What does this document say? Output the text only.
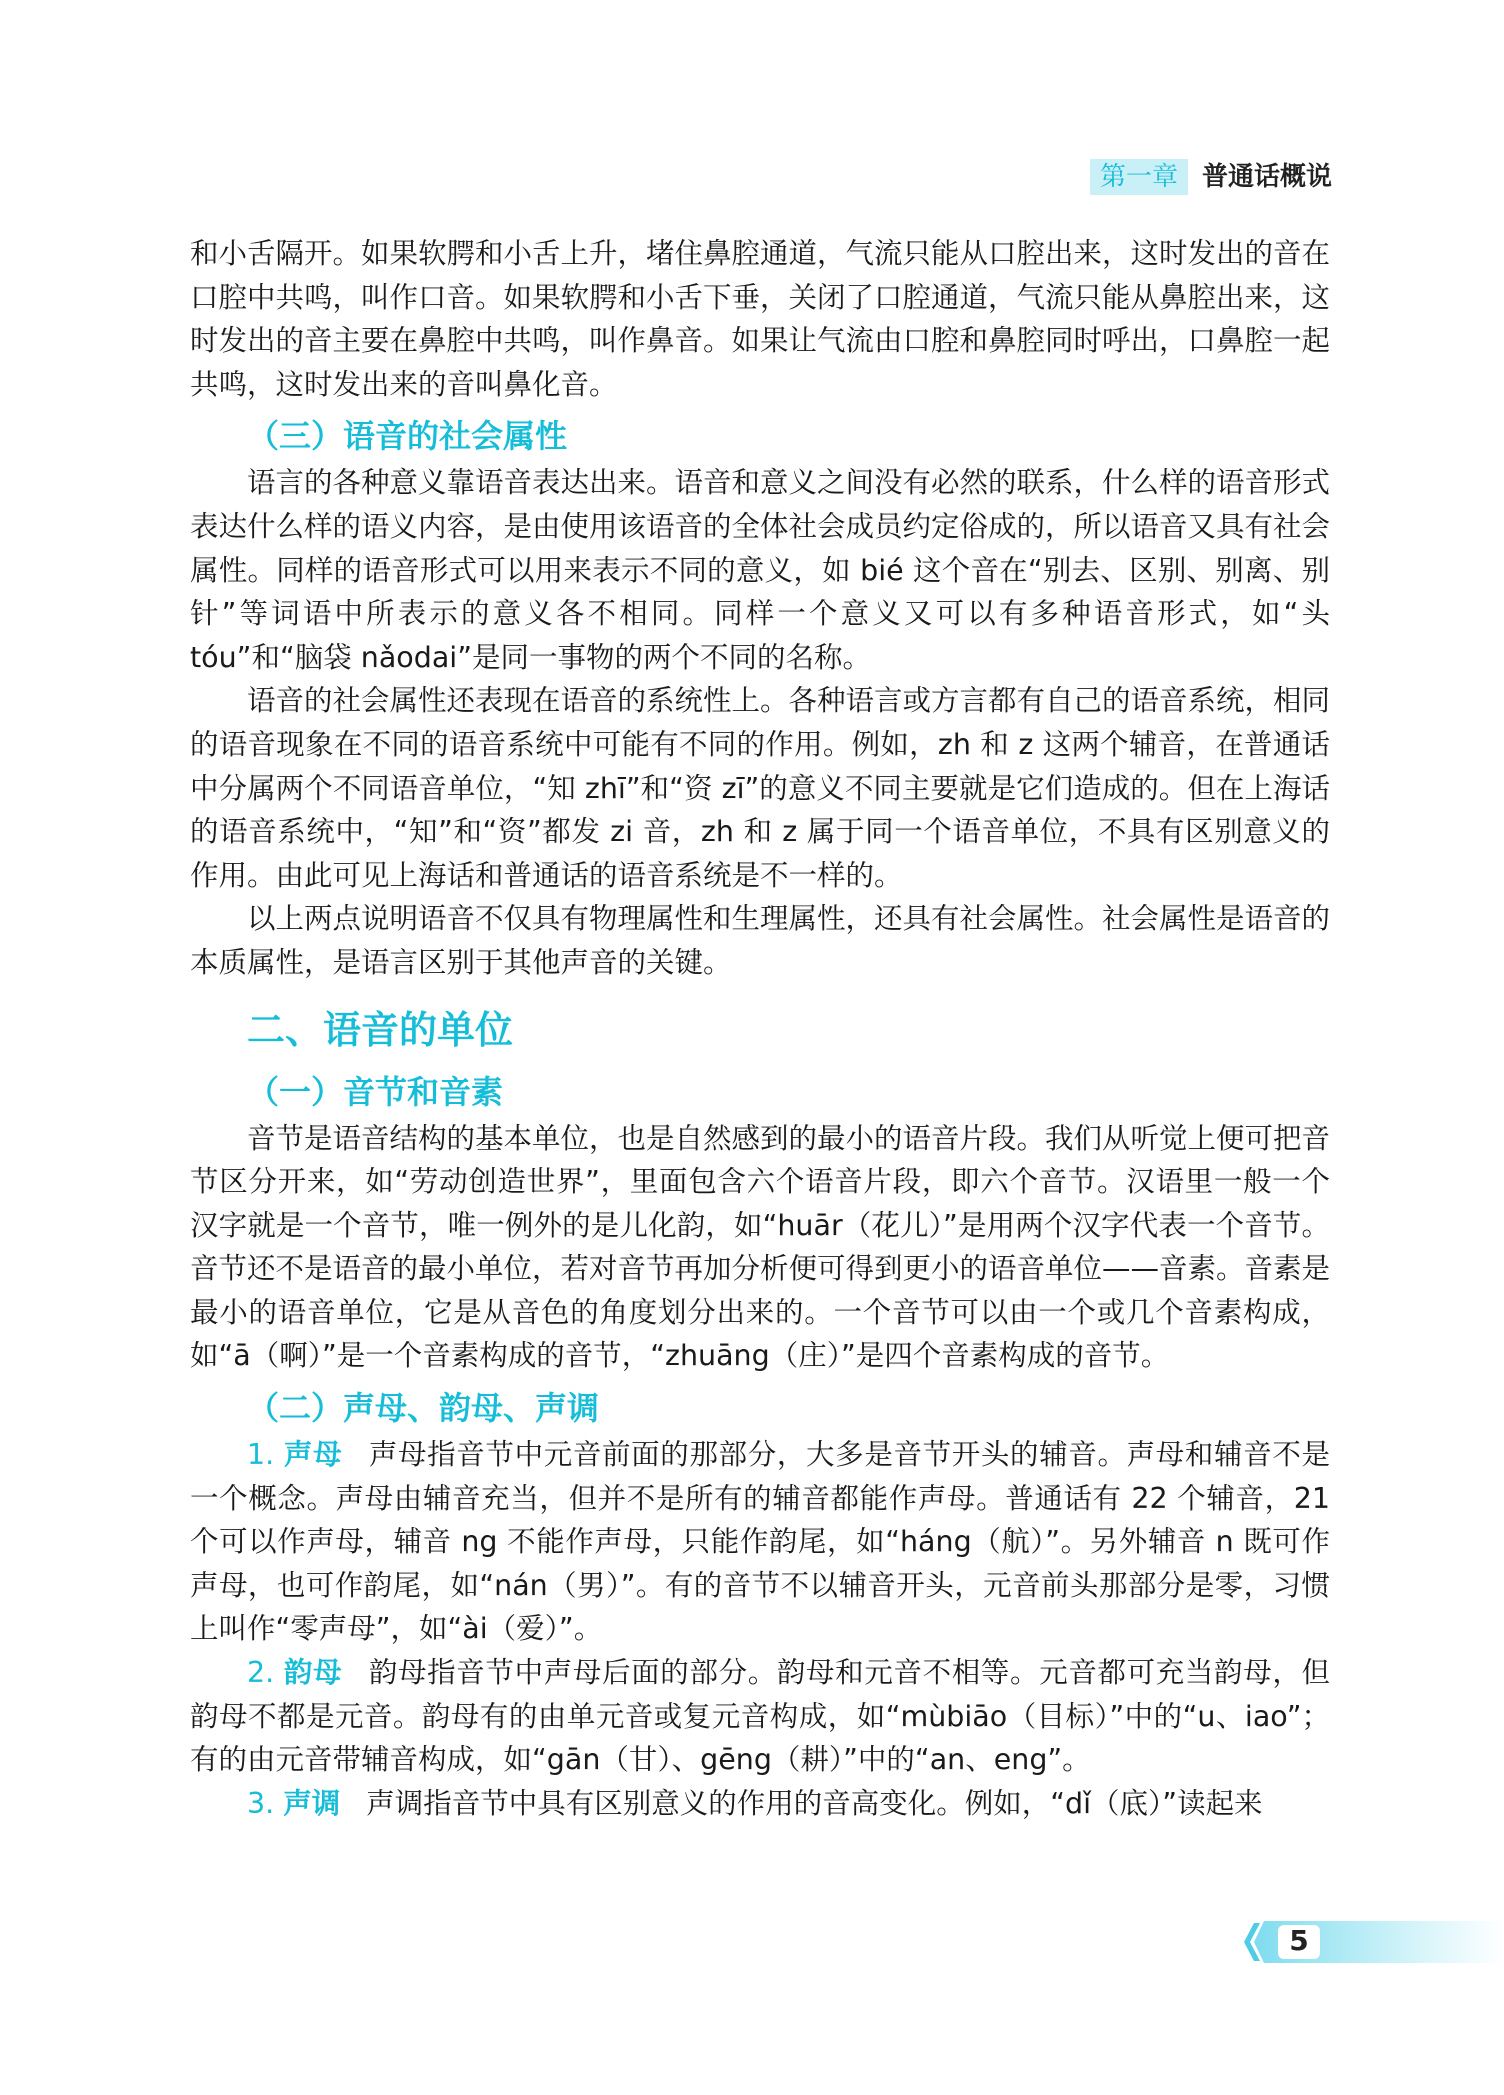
第一章 普通话概说

和小舌隔开。如果软腭和小舌上升，堵住鼻腔通道，气流只能从口腔出来，这时发出的音在口腔中共鸣，叫作口音。如果软腭和小舌下垂，关闭了口腔通道，气流只能从鼻腔出来，这时发出的音主要在鼻腔中共鸣，叫作鼻音。如果让气流由口腔和鼻腔同时呼出，口鼻腔一起共鸣，这时发出来的音叫鼻化音。

（三）语音的社会属性

语言的各种意义靠语音表达出来。语音和意义之间没有必然的联系，什么样的语音形式表达什么样的语义内容，是由使用该语音的全体社会成员约定俗成的，所以语音又具有社会属性。同样的语音形式可以用来表示不同的意义，如 bié 这个音在“别去、区别、别离、别针”等词语中所表示的意义各不相同。同样一个意义又可以有多种语音形式，如“头 tóu”和“脑袋 nǎodai”是同一事物的两个不同的名称。

语音的社会属性还表现在语音的系统性上。各种语言或方言都有自己的语音系统，相同的语音现象在不同的语音系统中可能有不同的作用。例如，zh 和 z 这两个辅音，在普通话中分属两个不同语音单位，“知 zhī”和“资 zī”的意义不同主要就是它们造成的。但在上海话的语音系统中，“知”和“资”都发 zi 音，zh 和 z 属于同一个语音单位，不具有区别意义的作用。由此可见上海话和普通话的语音系统是不一样的。

以上两点说明语音不仅具有物理属性和生理属性，还具有社会属性。社会属性是语音的本质属性，是语言区别于其他声音的关键。

二、语音的单位
（一）音节和音素

音节是语音结构的基本单位，也是自然感到的最小的语音片段。我们从听觉上便可把音节区分开来，如“劳动创造世界”，里面包含六个语音片段，即六个音节。汉语里一般一个汉字就是一个音节，唯一例外的是儿化韵，如“huār（花儿）”是用两个汉字代表一个音节。音节还不是语音的最小单位，若对音节再加分析便可得到更小的语音单位——音素。音素是最小的语音单位，它是从音色的角度划分出来的。一个音节可以由一个或几个音素构成，如“ā（啊）”是一个音素构成的音节，“zhuāng（庄）”是四个音素构成的音节。

（二）声母、韵母、声调

1. 声母 声母指音节中元音前面的那部分，大多是音节开头的辅音。声母和辅音不是一个概念。声母由辅音充当，但并不是所有的辅音都能作声母。普通话有 22 个辅音，21 个可以作声母，辅音 ng 不能作声母，只能作韵尾，如“háng（航）”。另外辅音 n 既可作声母，也可作韵尾，如“nán（男）”。有的音节不以辅音开头，元音前头那部分是零，习惯上叫作“零声母”，如“ài（爱）”。

2. 韵母 韵母指音节中声母后面的部分。韵母和元音不相等。元音都可充当韵母，但韵母不都是元音。韵母有的由单元音或复元音构成，如“mùbiāo（目标）”中的“u、iao”；有的由元音带辅音构成，如“gān（甘）、gēng（耕）”中的“an、eng”。

3. 声调 声调指音节中具有区别意义的作用的音高变化。例如，“dǐ（底）”读起来

5
